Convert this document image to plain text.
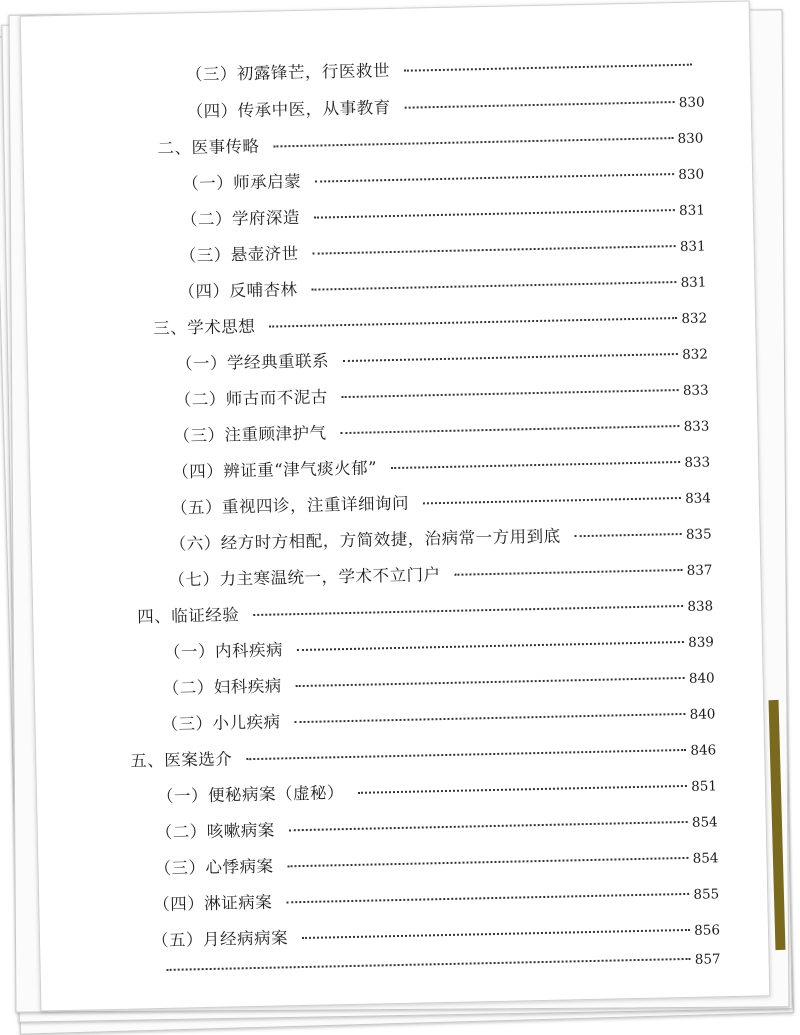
（三）初露锋芒，行医救世
（四）传承中医，从事教育	830
二、医事传略	830
（一）师承启蒙	830
（二）学府深造	831
（三）悬壶济世	831
（四）反哺杏林	831
三、学术思想	832
（一）学经典重联系	832
（二）师古而不泥古	833
（三）注重顾津护气	833
（四）辨证重“津气痰火郁”	833
（五）重视四诊，注重详细询问	834
（六）经方时方相配，方简效捷，治病常一方用到底	835
（七）力主寒温统一，学术不立门户	837
四、临证经验	838
（一）内科疾病	839
（二）妇科疾病	840
（三）小儿疾病	840
五、医案选介	846
（一）便秘病案（虚秘）	851
（二）咳嗽病案	854
（三）心悸病案	854
（四）淋证病案	855
（五）月经病病案	856
857
